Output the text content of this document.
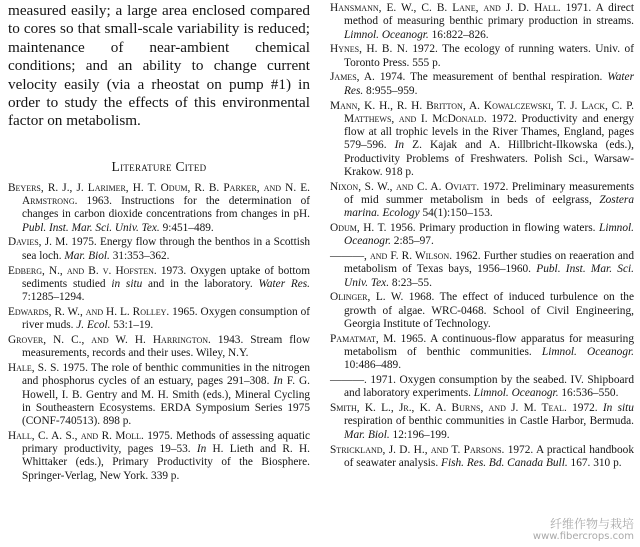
measured easily; a large area enclosed compared to cores so that small-scale variability is reduced; maintenance of near-ambient chemical conditions; and an ability to change current velocity easily (via a rheostat on pump #1) in order to study the effects of this environmental factor on metabolism.

Literature Cited

Beyers, R. J., J. Larimer, H. T. Odum, R. B. Parker, and N. E. Armstrong. 1963. Instructions for the determination of changes in carbon dioxide concentrations from changes in pH. Publ. Inst. Mar. Sci. Univ. Tex. 9:451–489.

Davies, J. M. 1975. Energy flow through the benthos in a Scottish sea loch. Mar. Biol. 31:353–362.

Edberg, N., and B. v. Hofsten. 1973. Oxygen uptake of bottom sediments studied in situ and in the laboratory. Water Res. 7:1285–1294.

Edwards, R. W., and H. L. Rolley. 1965. Oxygen consumption of river muds. J. Ecol. 53:1–19.

Grover, N. C., and W. H. Harrington. 1943. Stream flow measurements, records and their uses. Wiley, N.Y.

Hale, S. S. 1975. The role of benthic communities in the nitrogen and phosphorus cycles of an estuary, pages 291–308. In F. G. Howell, I. B. Gentry and M. H. Smith (eds.), Mineral Cycling in Southeastern Ecosystems. ERDA Symposium Series 1975 (CONF-740513). 898 p.

Hall, C. A. S., and R. Moll. 1975. Methods of assessing aquatic primary productivity, pages 19–53. In H. Lieth and R. H. Whittaker (eds.), Primary Productivity of the Biosphere. Springer-Verlag, New York. 339 p.

Hansmann, E. W., C. B. Lane, and J. D. Hall. 1971. A direct method of measuring benthic primary production in streams. Limnol. Oceanogr. 16:822–826.

Hynes, H. B. N. 1972. The ecology of running waters. Univ. of Toronto Press. 555 p.

James, A. 1974. The measurement of benthal respiration. Water Res. 8:955–959.

Mann, K. H., R. H. Britton, A. Kowalczewski, T. J. Lack, C. P. Matthews, and I. McDonald. 1972. Productivity and energy flow at all trophic levels in the River Thames, England, pages 579–596. In Z. Kajak and A. Hillbricht-Ilkowska (eds.), Productivity Problems of Freshwaters. Polish Sci., Warsaw-Krakow. 918 p.

Nixon, S. W., and C. A. Oviatt. 1972. Preliminary measurements of mid summer metabolism in beds of eelgrass, Zostera marina. Ecology 54(1):150–153.

Odum, H. T. 1956. Primary production in flowing waters. Limnol. Oceanogr. 2:85–97.

———, and F. R. Wilson. 1962. Further studies on reaeration and metabolism of Texas bays, 1956–1960. Publ. Inst. Mar. Sci. Univ. Tex. 8:23–55.

Olinger, L. W. 1968. The effect of induced turbulence on the growth of algae. WRC-0468. School of Civil Engineering, Georgia Institute of Technology.

Pamatmat, M. 1965. A continuous-flow apparatus for measuring metabolism of benthic communities. Limnol. Oceanogr. 10:486–489.

———. 1971. Oxygen consumption by the seabed. IV. Shipboard and laboratory experiments. Limnol. Oceanogr. 16:536–550.

Smith, K. L., Jr., K. A. Burns, and J. M. Teal. 1972. In situ respiration of benthic communities in Castle Harbor, Bermuda. Mar. Biol. 12:196–199.

Strickland, J. D. H., and T. Parsons. 1972. A practical handbook of seawater analysis. Fish. Res. Bd. Canada Bull. 167. 310 p.

纤维作物与栽培
www.fibercrops.com
